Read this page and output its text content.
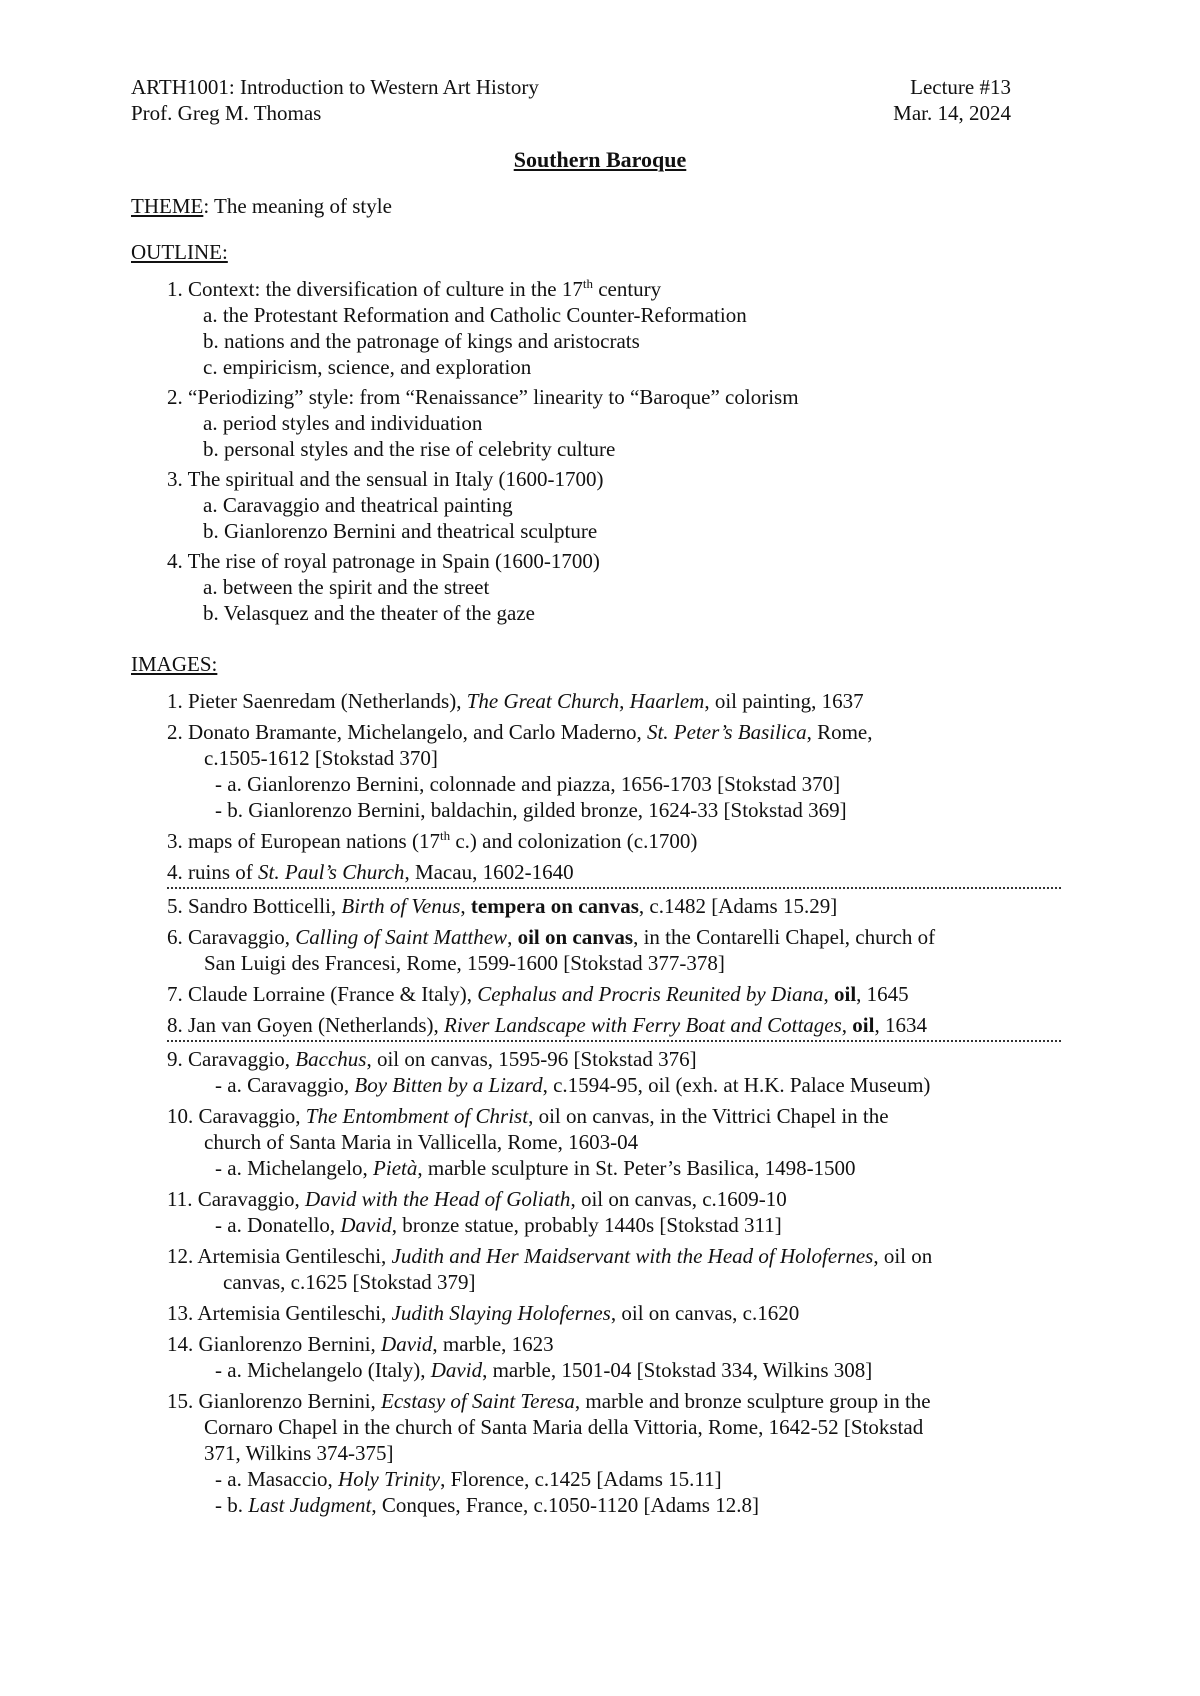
ARTH1001: Introduction to Western Art History	Lecture #13
Prof. Greg M. Thomas	Mar. 14, 2024
Southern Baroque
THEME: The meaning of style
OUTLINE:
1. Context: the diversification of culture in the 17th century
a. the Protestant Reformation and Catholic Counter-Reformation
b. nations and the patronage of kings and aristocrats
c. empiricism, science, and exploration
2. “Periodizing” style: from “Renaissance” linearity to “Baroque” colorism
a. period styles and individuation
b. personal styles and the rise of celebrity culture
3. The spiritual and the sensual in Italy (1600-1700)
a. Caravaggio and theatrical painting
b. Gianlorenzo Bernini and theatrical sculpture
4. The rise of royal patronage in Spain (1600-1700)
a. between the spirit and the street
b. Velasquez and the theater of the gaze
IMAGES:
1. Pieter Saenredam (Netherlands), The Great Church, Haarlem, oil painting, 1637
2. Donato Bramante, Michelangelo, and Carlo Maderno, St. Peter’s Basilica, Rome,
c.1505-1612 [Stokstad 370]
- a. Gianlorenzo Bernini, colonnade and piazza, 1656-1703 [Stokstad 370]
- b. Gianlorenzo Bernini, baldachin, gilded bronze, 1624-33 [Stokstad 369]
3. maps of European nations (17th c.) and colonization (c.1700)
4. ruins of St. Paul’s Church, Macau, 1602-1640
5. Sandro Botticelli, Birth of Venus, tempera on canvas, c.1482 [Adams 15.29]
6. Caravaggio, Calling of Saint Matthew, oil on canvas, in the Contarelli Chapel, church of
San Luigi des Francesi, Rome, 1599-1600 [Stokstad 377-378]
7. Claude Lorraine (France & Italy), Cephalus and Procris Reunited by Diana, oil, 1645
8. Jan van Goyen (Netherlands), River Landscape with Ferry Boat and Cottages, oil, 1634
9. Caravaggio, Bacchus, oil on canvas, 1595-96 [Stokstad 376]
- a. Caravaggio, Boy Bitten by a Lizard, c.1594-95, oil (exh. at H.K. Palace Museum)
10. Caravaggio, The Entombment of Christ, oil on canvas, in the Vittrici Chapel in the
church of Santa Maria in Vallicella, Rome, 1603-04
- a. Michelangelo, Pietà, marble sculpture in St. Peter’s Basilica, 1498-1500
11. Caravaggio, David with the Head of Goliath, oil on canvas, c.1609-10
- a. Donatello, David, bronze statue, probably 1440s [Stokstad 311]
12. Artemisia Gentileschi, Judith and Her Maidservant with the Head of Holofernes, oil on
canvas, c.1625 [Stokstad 379]
13. Artemisia Gentileschi, Judith Slaying Holofernes, oil on canvas, c.1620
14. Gianlorenzo Bernini, David, marble, 1623
- a. Michelangelo (Italy), David, marble, 1501-04 [Stokstad 334, Wilkins 308]
15. Gianlorenzo Bernini, Ecstasy of Saint Teresa, marble and bronze sculpture group in the
Cornaro Chapel in the church of Santa Maria della Vittoria, Rome, 1642-52 [Stokstad
371, Wilkins 374-375]
- a. Masaccio, Holy Trinity, Florence, c.1425 [Adams 15.11]
- b. Last Judgment, Conques, France, c.1050-1120 [Adams 12.8]
